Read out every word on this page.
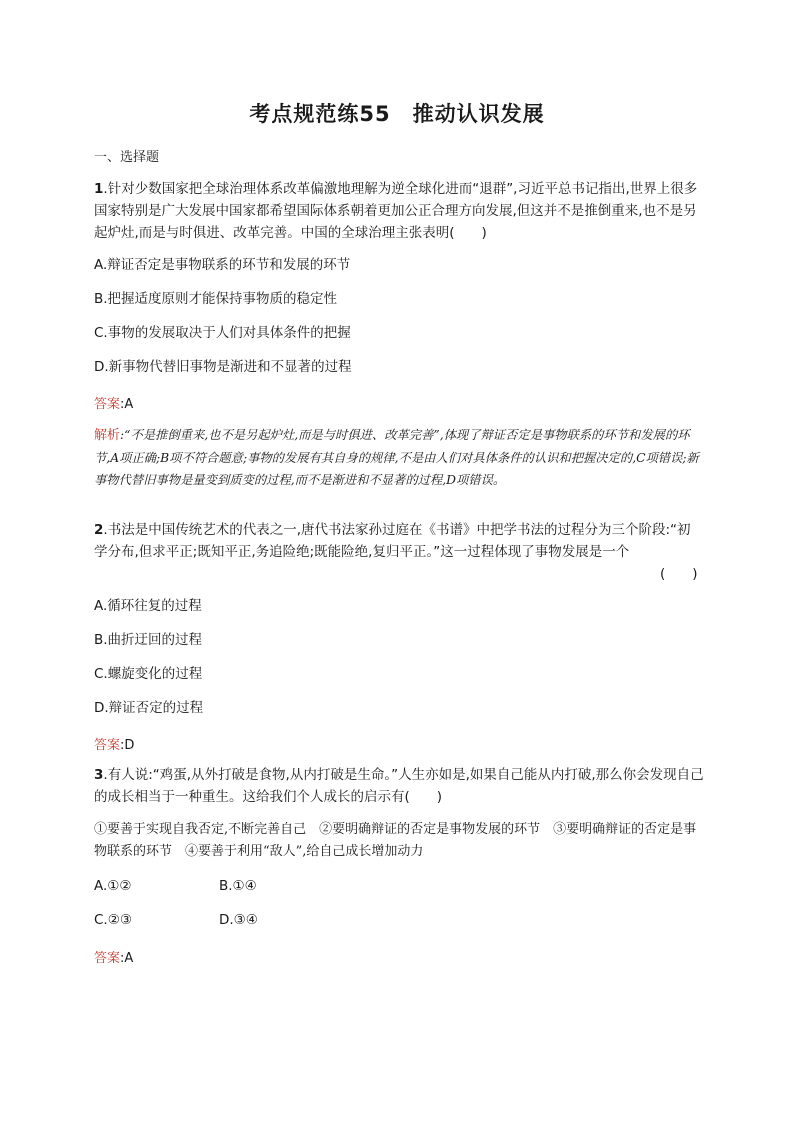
考点规范练55　推动认识发展
一、选择题
1.针对少数国家把全球治理体系改革偏激地理解为逆全球化进而“退群”,习近平总书记指出,世界上很多国家特别是广大发展中国家都希望国际体系朝着更加公正合理方向发展,但这并不是推倒重来,也不是另起炉灶,而是与时俱进、改革完善。中国的全球治理主张表明(　　)
A.辩证否定是事物联系的环节和发展的环节
B.把握适度原则才能保持事物质的稳定性
C.事物的发展取决于人们对具体条件的把握
D.新事物代替旧事物是渐进和不显著的过程
答案:A
解析:“不是推倒重来,也不是另起炉灶,而是与时俱进、改革完善”,体现了辩证否定是事物联系的环节和发展的环节,A项正确;B项不符合题意;事物的发展有其自身的规律,不是由人们对具体条件的认识和把握决定的,C项错误;新事物代替旧事物是量变到质变的过程,而不是渐进和不显著的过程,D项错误。
2.书法是中国传统艺术的代表之一,唐代书法家孙过庭在《书谱》中把学书法的过程分为三个阶段:“初学分布,但求平正;既知平正,务追险绝;既能险绝,复归平正。”这一过程体现了事物发展是一个
(　　)
A.循环往复的过程
B.曲折迂回的过程
C.螺旋变化的过程
D.辩证否定的过程
答案:D
3.有人说:“鸡蛋,从外打破是食物,从内打破是生命。”人生亦如是,如果自己能从内打破,那么你会发现自己的成长相当于一种重生。这给我们个人成长的启示有(　　)
①要善于实现自我否定,不断完善自己　②要明确辩证的否定是事物发展的环节　③要明确辩证的否定是事物联系的环节　④要善于利用“敌人”,给自己成长增加动力
A.①②	B.①④
C.②③	D.③④
答案:A
